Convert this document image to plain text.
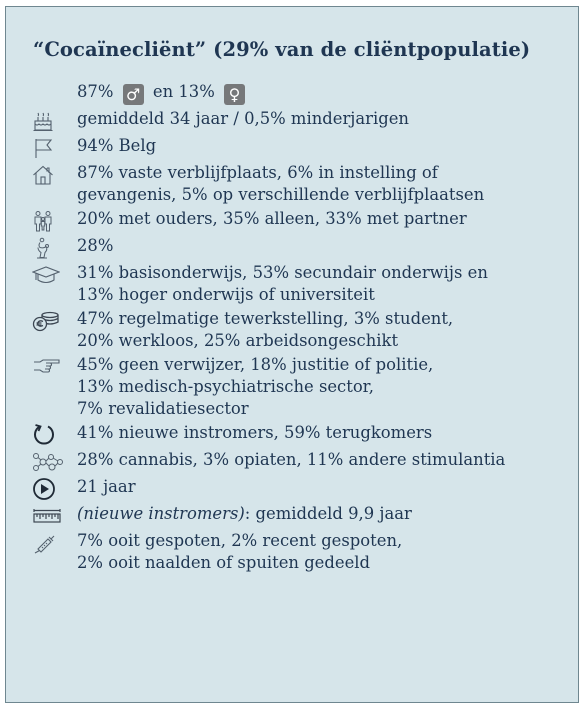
“Cocaïnecliënt” (29% van de cliëntpopulatie)
87% ♂ en 13% ♀
gemiddeld 34 jaar / 0,5% minderjarigen
94% Belg
87% vaste verblijfplaats, 6% in instelling of
gevangenis, 5% op verschillende verblijfplaatsen
20% met ouders, 35% alleen, 33% met partner
28%
31% basisonderwijs, 53% secundair onderwijs en
13% hoger onderwijs of universiteit
47% regelmatige tewerkstelling, 3% student,
20% werkloos, 25% arbeidsongeschikt
45% geen verwijzer, 18% justitie of politie,
13% medisch-psychiatrische sector,
7% revalidatiesector
41% nieuwe instromers, 59% terugkomers
28% cannabis, 3% opiaten, 11% andere stimulantia
21 jaar
(nieuwe instromers): gemiddeld 9,9 jaar
7% ooit gespoten, 2% recent gespoten,
2% ooit naalden of spuiten gedeeld
